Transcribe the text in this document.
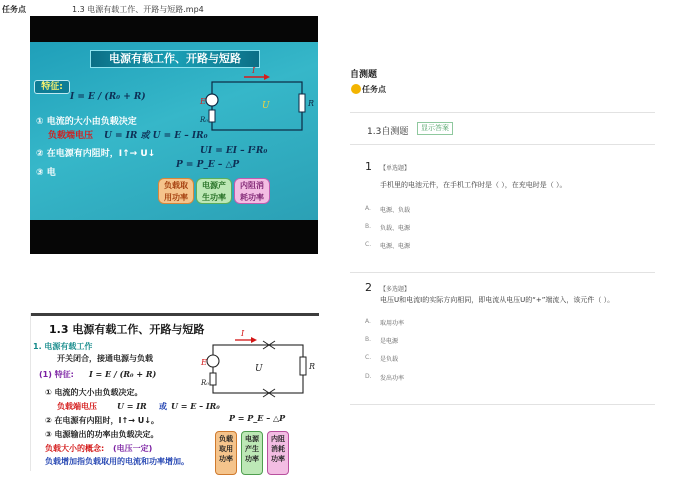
任务点	1.3 电源有载工作、开路与短路.mp4
电源有载工作、开路与短路
特征:
I = E / (R₀ + R)
① 电流的大小由负载决定
负载端电压 U = IR 或 U = E – IR₀
② 在电源有内阻时，I↑→ U↓	UI = EI – I²R₀
③ 电
P = P_E – △P
负载取
用功率
电源产
生功率
内阻消
耗功率
I
E
R₀
U	R
1.3 电源有载工作、开路与短路
1. 电源有载工作
开关闭合，接通电源与负载
(1) 特征: I = E / (R₀ + R)
① 电流的大小由负载决定。
负载端电压	U = IR 或 U = E – IR₀
② 在电源有内阻时，I↑→ U↓。	P = P_E – △P
③ 电源输出的功率由负载决定。
负载大小的概念: (电压一定)
负载增加指负载取用的电流和功率增加。
负载
取用
功率
电源
产生
功率
内阻
消耗
功率
I
E
R₀
U	R
自测题
任务点
1.3自测题	显示答案
1 【单选题】
手机里的电池元件，在手机工作时是（ ），在充电时是（ ）。
A. 电源、负载
B. 负载、电源
C. 电源、电源
2 【多选题】
电压U和电流I的实际方向相同，即电流从电压U的“+”端流入，该元件（ ）。
A. 取用功率
B. 是电源
C. 是负载
D. 发出功率
